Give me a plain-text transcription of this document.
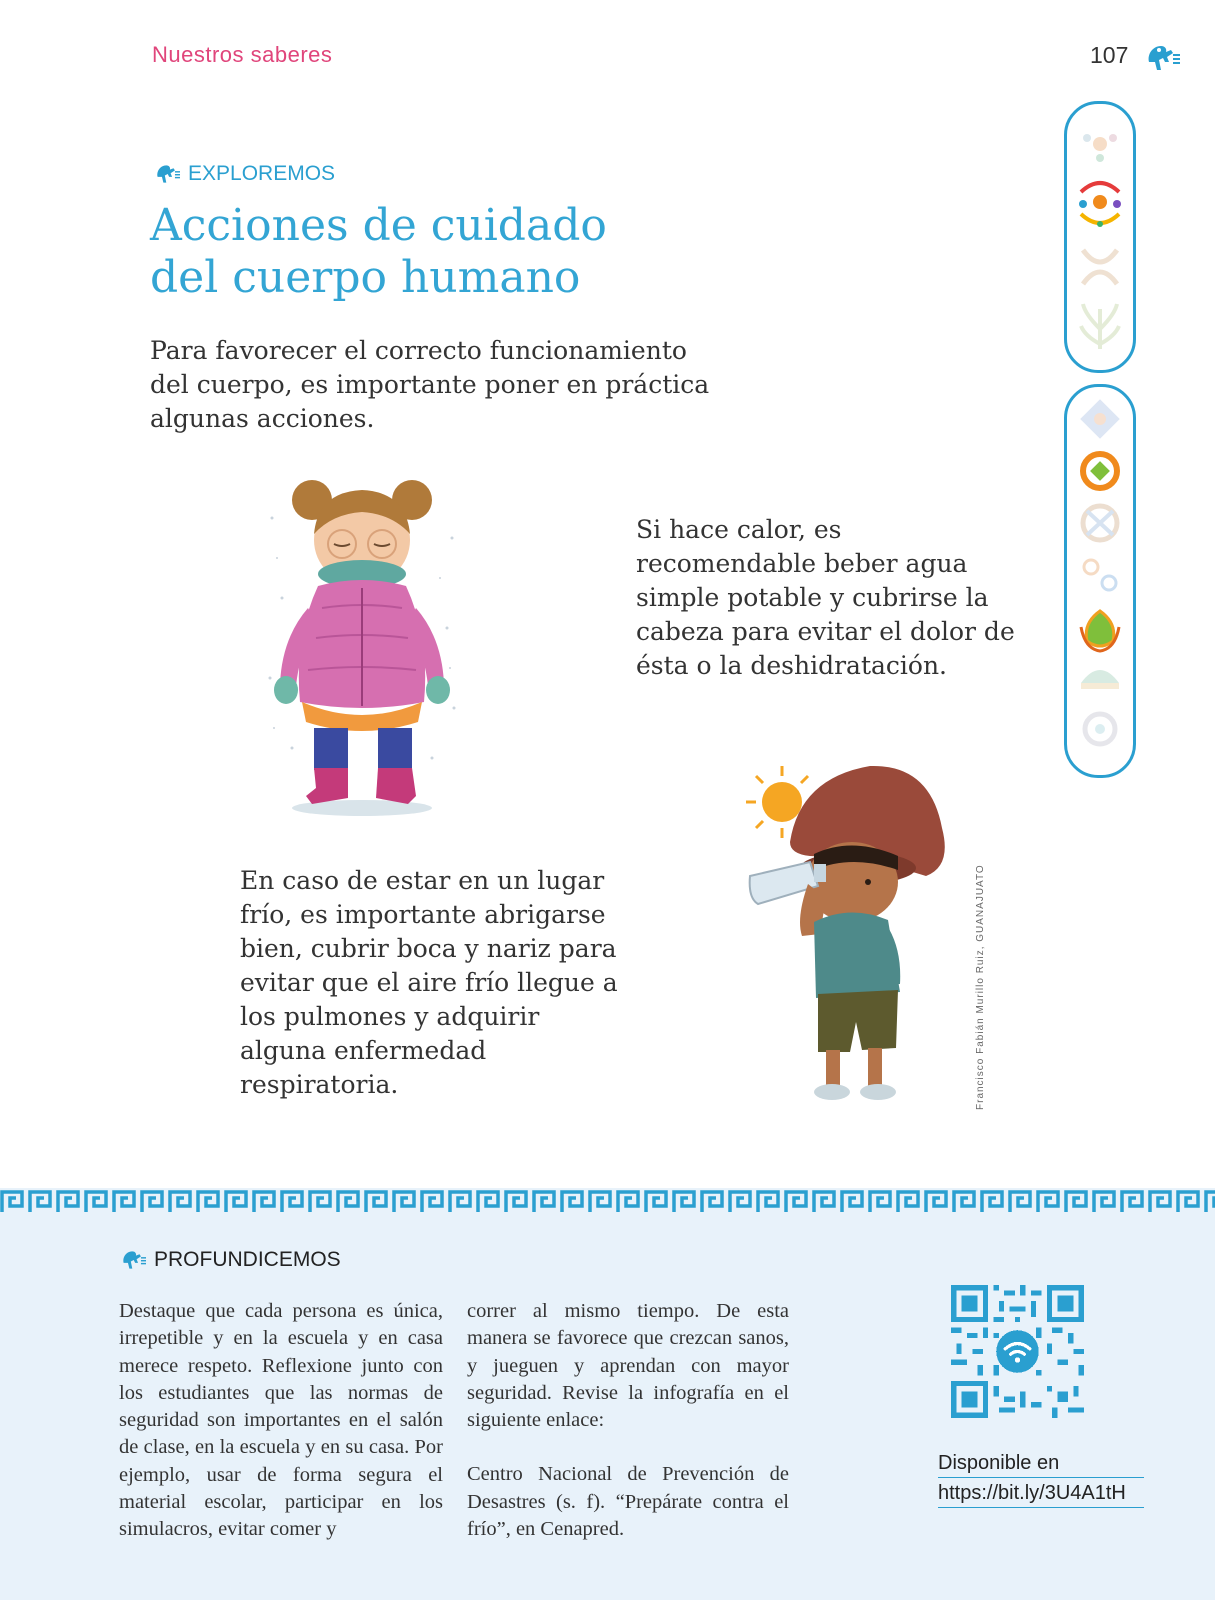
Nuestros saberes	107
EXPLOREMOS
Acciones de cuidado
del cuerpo humano

Para favorecer el correcto funcionamiento del cuerpo, es importante poner en práctica algunas acciones.

Si hace calor, es recomendable beber agua simple potable y cubrirse la cabeza para evitar el dolor de ésta o la deshidratación.

Francisco Fabián Murillo Ruiz, GUANAJUATO

En caso de estar en un lugar frío, es importante abrigarse bien, cubrir boca y nariz para evitar que el aire frío llegue a los pulmones y adquirir alguna enfermedad respiratoria.

PROFUNDICEMOS

Destaque que cada persona es única, irrepetible y en la escuela y en casa merece respeto. Reflexione junto con los estudiantes que las normas de seguridad son importantes en el salón de clase, en la escuela y en su casa. Por ejemplo, usar de forma segura el material escolar, participar en los simulacros, evitar comer y

correr al mismo tiempo. De esta manera se favorece que crezcan sanos, y jueguen y aprendan con mayor seguridad. Revise la infografía en el siguiente enlace:

Centro Nacional de Prevención de Desastres (s. f). “Prepárate contra el frío”, en Cenapred.

Disponible en
https://bit.ly/3U4A1tH
